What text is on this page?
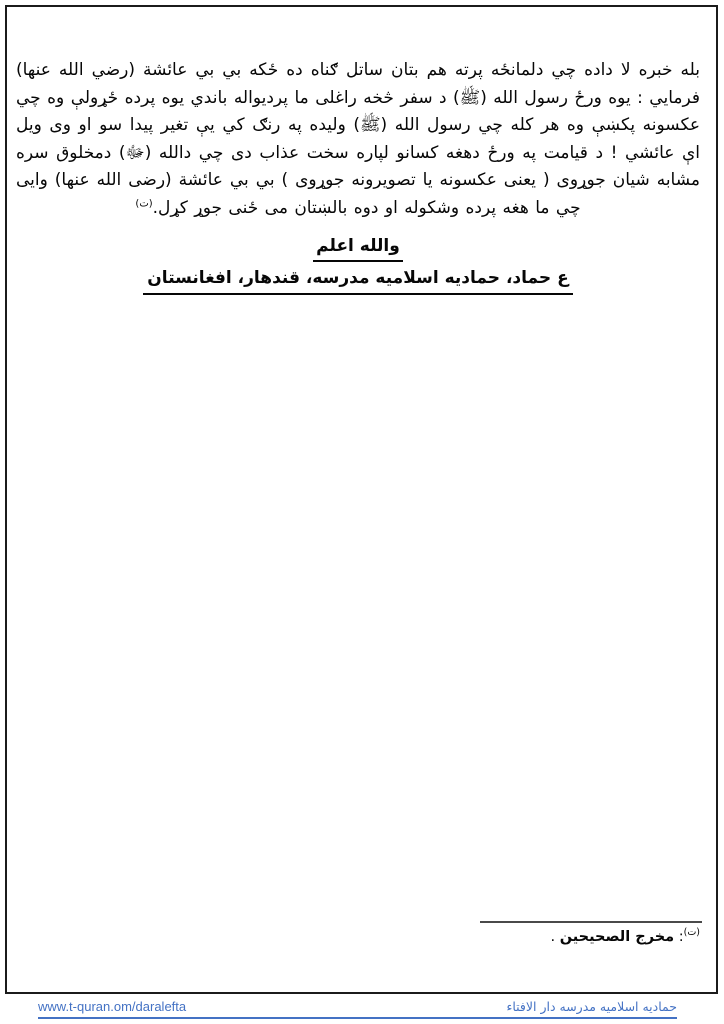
بله خبره لا داده چي دلمانځه پرته هم بتان ساتل ګناه ده ځکه بي بي عائشة (رضي الله عنها) فرمايي : يوه ورځ رسول الله (ﷺ) د سفر څخه راغلی ما پردیواله باندي يوه پرده ځړولې وه چي عکسونه پکښې وه هر کله چي رسول الله (ﷺ) وليده په رنګ کي يې تغير پيدا سو او وی ويل اې عائشي ! د قيامت په ورځ دهغه کسانو لپاره سخت عذاب دی چي دالله (ﷻ) دمخلوق سره مشابه شيان جوړوی ( يعنی عکسونه يا تصويرونه جوړوی ) بي بي عائشة (رضی الله عنها) وايی چي ما هغه پرده وشکوله او دوه بالښتان می ځنی جوړ کړل.$^{(ت)}$
والله اعلم
ع حماد، حماديه اسلاميه مدرسه، قندهار، افغانستان
$^{(ت)}$: مخرج الصحيحين .
www.t-quran.om/daralefta	حماديه اسلاميه مدرسه دار الافتاء
